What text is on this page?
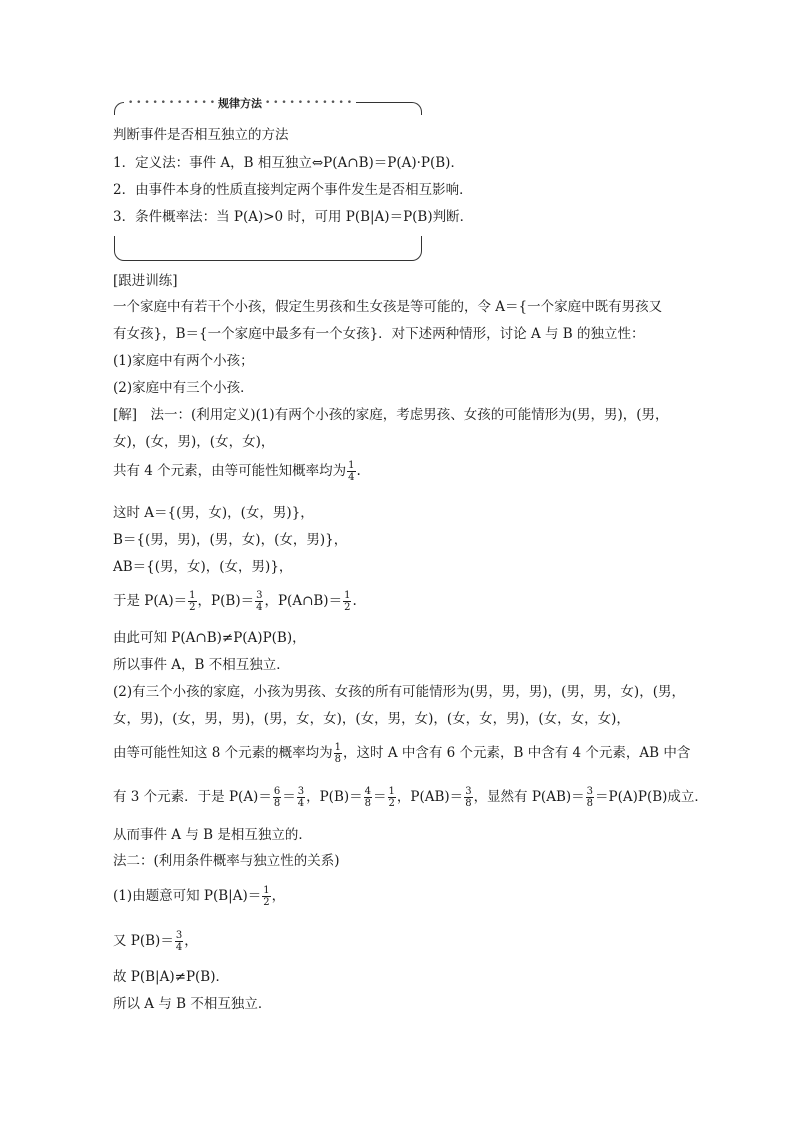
• • • • • • • • • • • 规律方法 • • • • • • • • • • •
判断事件是否相互独立的方法
1．定义法：事件 A，B 相互独立⇔P(A∩B)＝P(A)·P(B)．
2．由事件本身的性质直接判定两个事件发生是否相互影响．
3．条件概率法：当 P(A)>0 时，可用 P(B|A)＝P(B)判断．
[跟进训练]
一个家庭中有若干个小孩，假定生男孩和生女孩是等可能的，令 A＝{一个家庭中既有男孩又
有女孩}，B＝{一个家庭中最多有一个女孩}．对下述两种情形，讨论 A 与 B 的独立性：
(1)家庭中有两个小孩；
(2)家庭中有三个小孩．
[解]　法一：(利用定义)(1)有两个小孩的家庭，考虑男孩、女孩的可能情形为(男，男)，(男，
女)，(女，男)，(女，女)，
共有 4 个元素，由等可能性知概率均为 $\frac{1}{4}$ .
这时 A＝{(男，女)，(女，男)}，
B＝{(男，男)，(男，女)，(女，男)}，
AB＝{(男，女)，(女，男)}，
于是 $P(A)= \frac{1}{2}$ ，$P(B)= \frac{3}{4}$ ，P(A∩B)＝ $\frac{1}{2}$ .
由此可知 P(A∩B)≠P(A)P(B)，
所以事件 A，B 不相互独立．
(2)有三个小孩的家庭，小孩为男孩、女孩的所有可能情形为(男，男，男)，(男，男，女)，(男，
女，男)，(女，男，男)，(男，女，女)，(女，男，女)，(女，女，男)，(女，女，女)，
由等可能性知这 8 个元素的概率均为 $\frac{1}{8}$ ，这时 A 中含有 6 个元素，B 中含有 4 个元素，AB 中含
有 3 个元素．于是 $P(A)= \frac{6}{8} = \frac{3}{4}$ ，$P(B)= \frac{4}{8} = \frac{1}{2}$ ，$P(AB)= \frac{3}{8}$ ，显然有 $P(AB)= \frac{3}{8} =P(A)P(B)$成立．
从而事件 A 与 B 是相互独立的．
法二：(利用条件概率与独立性的关系)
(1)由题意可知 $P(B|A)= \frac{1}{2}$ ，
又 $P(B)= \frac{3}{4}$ ，
故 P(B|A)≠P(B)．
所以 A 与 B 不相互独立．
